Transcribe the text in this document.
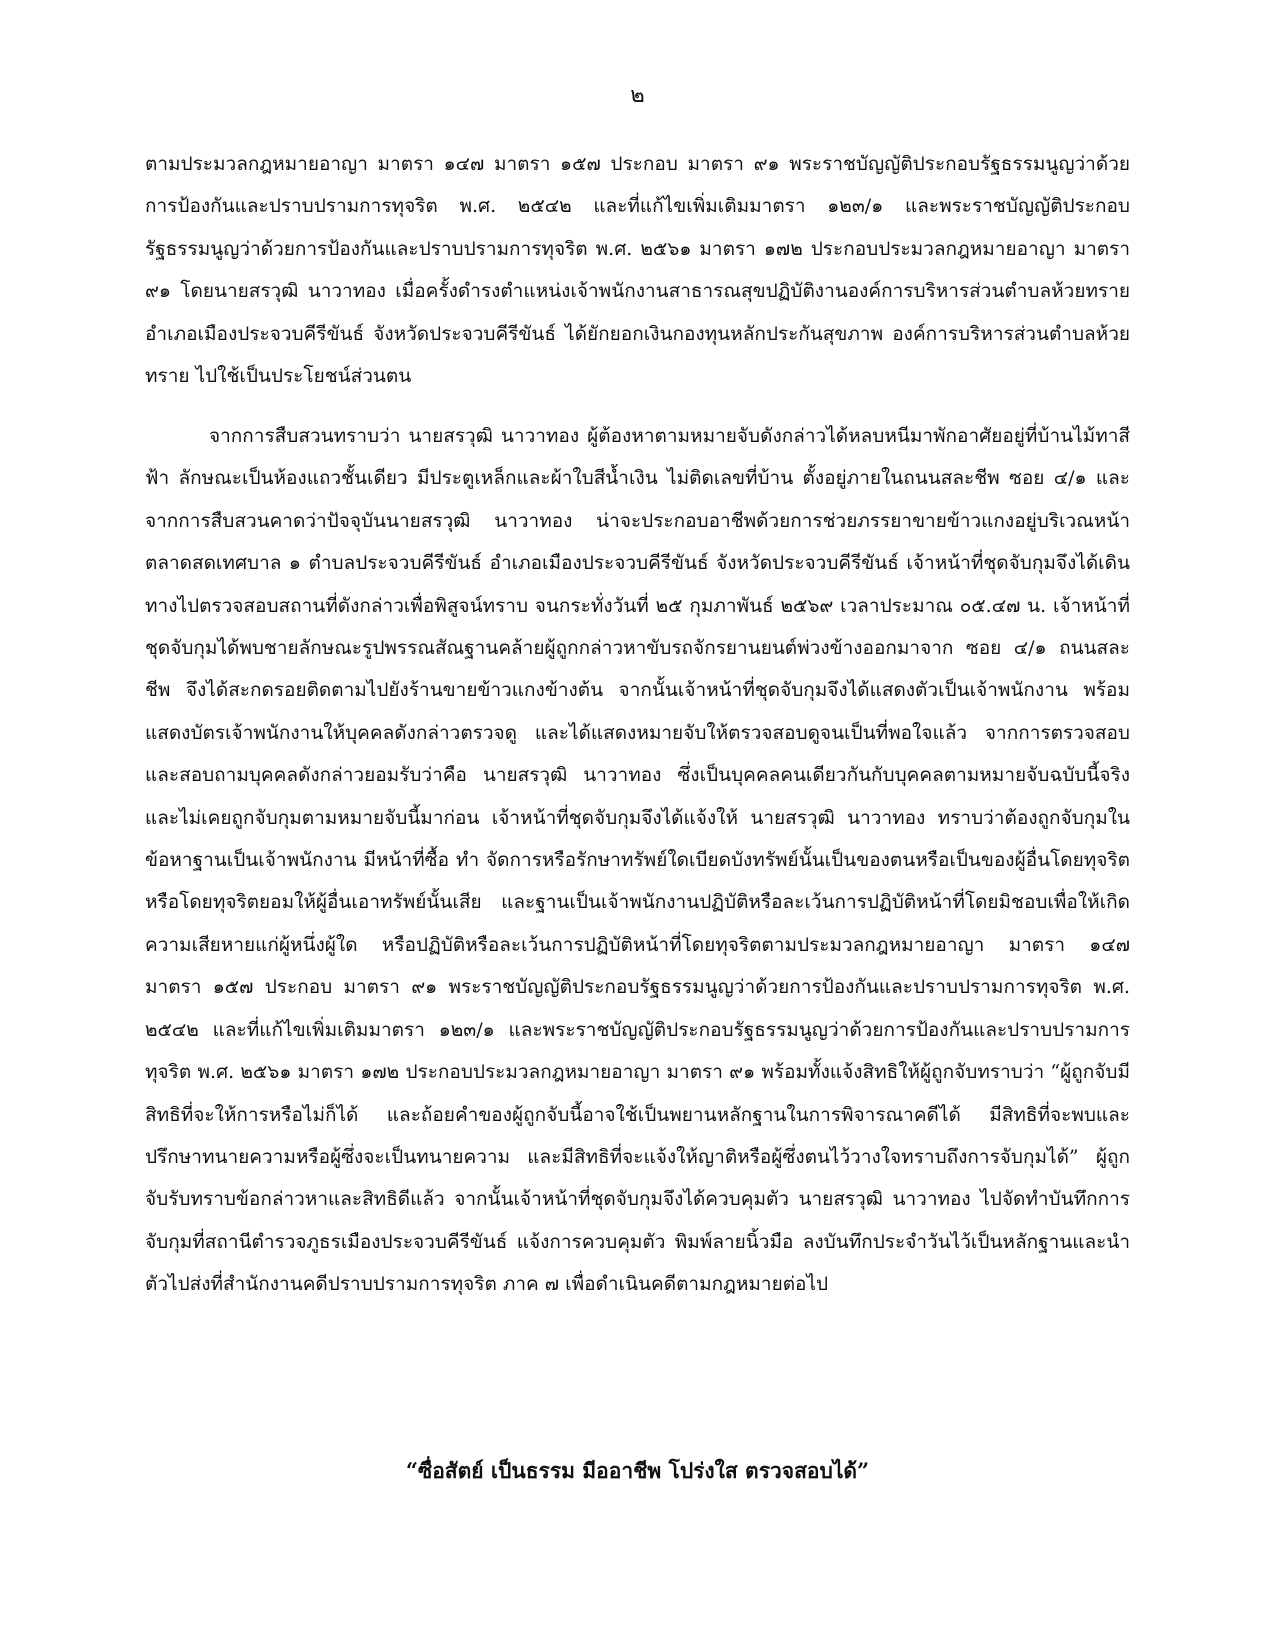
๒

ตามประมวลกฎหมายอาญา มาตรา ๑๔๗ มาตรา ๑๕๗ ประกอบ มาตรา ๙๑ พระราชบัญญัติประกอบรัฐธรรมนูญว่าด้วยการป้องกันและปราบปรามการทุจริต พ.ศ. ๒๕๔๒ และที่แก้ไขเพิ่มเติมมาตรา ๑๒๓/๑ และพระราชบัญญัติประกอบรัฐธรรมนูญว่าด้วยการป้องกันและปราบปรามการทุจริต พ.ศ. ๒๕๖๑ มาตรา ๑๗๒ ประกอบประมวลกฎหมายอาญา มาตรา ๙๑ โดยนายสรวุฒิ นาวาทอง เมื่อครั้งดำรงตำแหน่งเจ้าพนักงานสาธารณสุขปฏิบัติงานองค์การบริหารส่วนตำบลห้วยทราย อำเภอเมืองประจวบคีรีขันธ์ จังหวัดประจวบคีรีขันธ์ ได้ยักยอกเงินกองทุนหลักประกันสุขภาพ องค์การบริหารส่วนตำบลห้วยทราย ไปใช้เป็นประโยชน์ส่วนตน

จากการสืบสวนทราบว่า นายสรวุฒิ นาวาทอง ผู้ต้องหาตามหมายจับดังกล่าวได้หลบหนีมาพักอาศัยอยู่ที่บ้านไม้ทาสีฟ้า ลักษณะเป็นห้องแถวชั้นเดียว มีประตูเหล็กและผ้าใบสีน้ำเงิน ไม่ติดเลขที่บ้าน ตั้งอยู่ภายในถนนสละชีพ ซอย ๔/๑ และจากการสืบสวนคาดว่าปัจจุบันนายสรวุฒิ นาวาทอง น่าจะประกอบอาชีพด้วยการช่วยภรรยาขายข้าวแกงอยู่บริเวณหน้าตลาดสดเทศบาล ๑ ตำบลประจวบคีรีขันธ์ อำเภอเมืองประจวบคีรีขันธ์ จังหวัดประจวบคีรีขันธ์ เจ้าหน้าที่ชุดจับกุมจึงได้เดินทางไปตรวจสอบสถานที่ดังกล่าวเพื่อพิสูจน์ทราบ จนกระทั่งวันที่ ๒๕ กุมภาพันธ์ ๒๕๖๙ เวลาประมาณ ๐๕.๔๗ น. เจ้าหน้าที่ชุดจับกุมได้พบชายลักษณะรูปพรรณสัณฐานคล้ายผู้ถูกกล่าวหาขับรถจักรยานยนต์พ่วงข้างออกมาจาก ซอย ๔/๑ ถนนสละชีพ จึงได้สะกดรอยติดตามไปยังร้านขายข้าวแกงข้างต้น จากนั้นเจ้าหน้าที่ชุดจับกุมจึงได้แสดงตัวเป็นเจ้าพนักงาน พร้อมแสดงบัตรเจ้าพนักงานให้บุคคลดังกล่าวตรวจดู และได้แสดงหมายจับให้ตรวจสอบดูจนเป็นที่พอใจแล้ว จากการตรวจสอบและสอบถามบุคคลดังกล่าวยอมรับว่าคือ นายสรวุฒิ นาวาทอง ซึ่งเป็นบุคคลคนเดียวกันกับบุคคลตามหมายจับฉบับนี้จริง และไม่เคยถูกจับกุมตามหมายจับนี้มาก่อน เจ้าหน้าที่ชุดจับกุมจึงได้แจ้งให้ นายสรวุฒิ นาวาทอง ทราบว่าต้องถูกจับกุมในข้อหาฐานเป็นเจ้าพนักงาน มีหน้าที่ซื้อ ทำ จัดการหรือรักษาทรัพย์ใดเบียดบังทรัพย์นั้นเป็นของตนหรือเป็นของผู้อื่นโดยทุจริตหรือโดยทุจริตยอมให้ผู้อื่นเอาทรัพย์นั้นเสีย และฐานเป็นเจ้าพนักงานปฏิบัติหรือละเว้นการปฏิบัติหน้าที่โดยมิชอบเพื่อให้เกิดความเสียหายแก่ผู้หนึ่งผู้ใด หรือปฏิบัติหรือละเว้นการปฏิบัติหน้าที่โดยทุจริตตามประมวลกฎหมายอาญา มาตรา ๑๔๗ มาตรา ๑๕๗ ประกอบ มาตรา ๙๑ พระราชบัญญัติประกอบรัฐธรรมนูญว่าด้วยการป้องกันและปราบปรามการทุจริต พ.ศ. ๒๕๔๒ และที่แก้ไขเพิ่มเติมมาตรา ๑๒๓/๑ และพระราชบัญญัติประกอบรัฐธรรมนูญว่าด้วยการป้องกันและปราบปรามการทุจริต พ.ศ. ๒๕๖๑ มาตรา ๑๗๒ ประกอบประมวลกฎหมายอาญา มาตรา ๙๑ พร้อมทั้งแจ้งสิทธิให้ผู้ถูกจับทราบว่า “ผู้ถูกจับมีสิทธิที่จะให้การหรือไม่ก็ได้ และถ้อยคำของผู้ถูกจับนี้อาจใช้เป็นพยานหลักฐานในการพิจารณาคดีได้ มีสิทธิที่จะพบและปรึกษาทนายความหรือผู้ซึ่งจะเป็นทนายความ และมีสิทธิที่จะแจ้งให้ญาติหรือผู้ซึ่งตนไว้วางใจทราบถึงการจับกุมได้” ผู้ถูกจับรับทราบข้อกล่าวหาและสิทธิดีแล้ว จากนั้นเจ้าหน้าที่ชุดจับกุมจึงได้ควบคุมตัว นายสรวุฒิ นาวาทอง ไปจัดทำบันทึกการจับกุมที่สถานีตำรวจภูธรเมืองประจวบคีรีขันธ์ แจ้งการควบคุมตัว พิมพ์ลายนิ้วมือ ลงบันทึกประจำวันไว้เป็นหลักฐานและนำตัวไปส่งที่สำนักงานคดีปราบปรามการทุจริต ภาค ๗ เพื่อดำเนินคดีตามกฎหมายต่อไป

“ซื่อสัตย์ เป็นธรรม มีออาชีพ โปร่งใส ตรวจสอบได้”
